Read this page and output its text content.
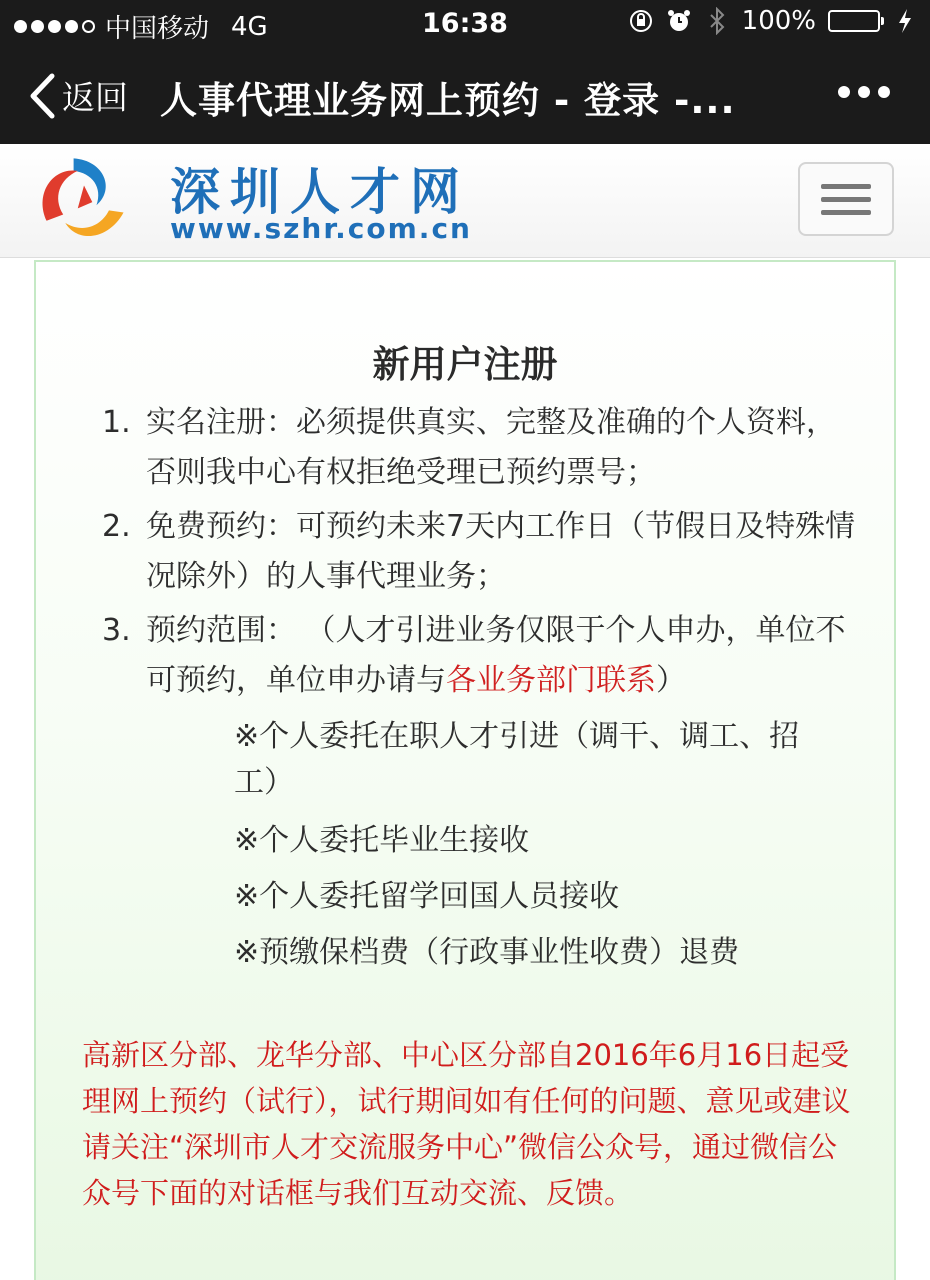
中国移动 4G	16:38	100%
返回 人事代理业务网上预约 - 登录 -...
深圳人才网
www.szhr.com.cn
新用户注册
1. 实名注册：必须提供真实、完整及准确的个人资料，否则我中心有权拒绝受理已预约票号；
2. 免费预约：可预约未来7天内工作日（节假日及特殊情况除外）的人事代理业务；
3. 预约范围： （人才引进业务仅限于个人申办，单位不可预约，单位申办请与各业务部门联系）
※个人委托在职人才引进（调干、调工、招工）
※个人委托毕业生接收
※个人委托留学回国人员接收
※预缴保档费（行政事业性收费）退费
高新区分部、龙华分部、中心区分部自2016年6月16日起受理网上预约（试行），试行期间如有任何的问题、意见或建议请关注“深圳市人才交流服务中心”微信公众号，通过微信公众号下面的对话框与我们互动交流、反馈。
